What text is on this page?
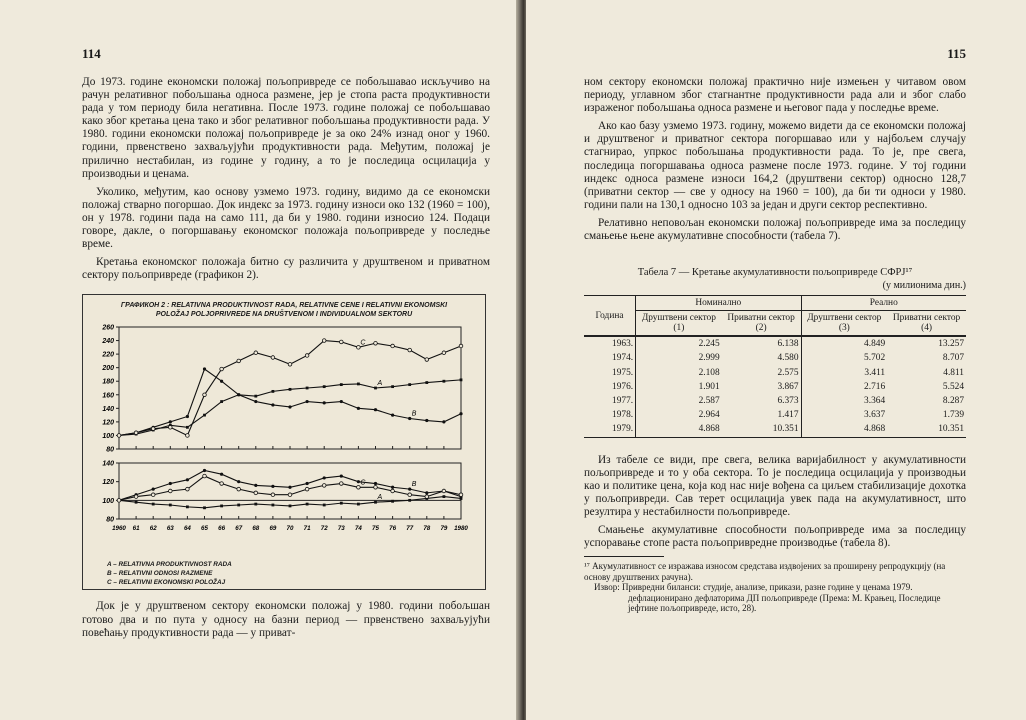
114

До 1973. године економски положај пољопривреде се побољшавао искључиво на рачун релативног побољшања односа размене, јер је стопа раста продуктивности рада у том периоду била негативна. После 1973. године положај се побољшавао како због кретања цена тако и због релативног побољшања продуктивности рада. У 1980. години економски положај пољопривреде је за око 24% изнад оног у 1960. години, првенствено захваљујући продуктивности рада. Међутим, положај је прилично нестабилан, из године у годину, а то је последица осцилација у производњи и ценама.

Уколико, међутим, као основу узмемо 1973. годину, видимо да се економски положај стварно погоршао. Док индекс за 1973. годину износи око 132 (1960 = 100), он у 1978. години пада на само 111, да би у 1980. години износио 124. Подаци говоре, дакле, о погоршавању економског положаја пољопривреде у последње време.

Кретања економског положаја битно су различита у друштвеном и приватном сектору пољопривреде (графикон 2).

ГРАФИКОН 2 : RELATIVNA PRODUKTIVNOST RADA, RELATIVNE CENE I RELATIVNI EKONOMSKI
POLOŽAJ POLJOPRIVREDE NA DRUŠTVENOM I INDIVIDUALNOM SEKTORU
80
100
120
140
160
180
200
220
240
260
A
B
C
80
100
120
140
A
B
C
1960 61 62 63 64 65 66 67 68 69 70 71 72 73 74 75 76 77 78 79 1980
A – RELATIVNA PRODUKTIVNOST RADA
B – RELATIVNI ODNOSI RAZMENE
C – RELATIVNI EKONOMSKI POLOŽAJ

Док је у друштвеном сектору економски положај у 1980. години побољшан готово два и по пута у односу на базни период — првенствено захваљујући повећању продуктивности рада — у приват-

115

ном сектору економски положај практично није измењен у читавом овом периоду, углавном због стагнантне продуктивности рада али и због слабо израженог побољшања односа размене и његовог пада у последње време.

Ако као базу узмемо 1973. годину, можемо видети да се економски положај и друштвеног и приватног сектора погоршавао или у најбољем случају стагнирао, упркос побољшања продуктивности рада. То је, пре свега, последица погоршавања односа размене после 1973. године. У тој години индекс односа размене износи 164,2 (друштвени сектор) односно 128,7 (приватни сектор — све у односу на 1960 = 100), да би ти односи у 1980. години пали на 130,1 односно 103 за један и други сектор респективно.

Релативно неповољан економски положај пољопривреде има за последицу смањење њене акумулативне способности (табела 7).

Табела 7 — Кретање акумулативности пољопривреде СФРЈ¹⁷
(у милионима дин.)
Година	Номинално		Реално	
	Друштвени сектор (1)	Приватни сектор (2)	Друштвени сектор (3)	Приватни сектор (4)
1963.	2.245	6.138	4.849	13.257
1974.	2.999	4.580	5.702	8.707
1975.	2.108	2.575	3.411	4.811
1976.	1.901	3.867	2.716	5.524
1977.	2.587	6.373	3.364	8.287
1978.	2.964	1.417	3.637	1.739
1979.	4.868	10.351	4.868	10.351

Из табеле се види, пре свега, велика варијабилност у акумулативности пољопривреде и то у оба сектора. То је последица осцилација у производњи као и политике цена, која код нас није вођена са циљем стабилизације дохотка у пољопривреди. Сав терет осцилација увек пада на акумулативност, што резултира у нестабилности пољопривреде.

Смањење акумулативне способности пољопривреде има за последицу успоравање стопе раста пољопривредне производње (табела 8).

¹⁷ Акумулативност се изражава износом средстава издвојених за проширену репродукцију (на основу друштвених рачуна).
Извор: Привредни биланси: студије, анализе, прикази, разне године у ценама 1979. дефлационирано дефлаторима ДП пољопривреде (Према: М. Крањец, Последице јефтине пољопривреде, исто, 28).
